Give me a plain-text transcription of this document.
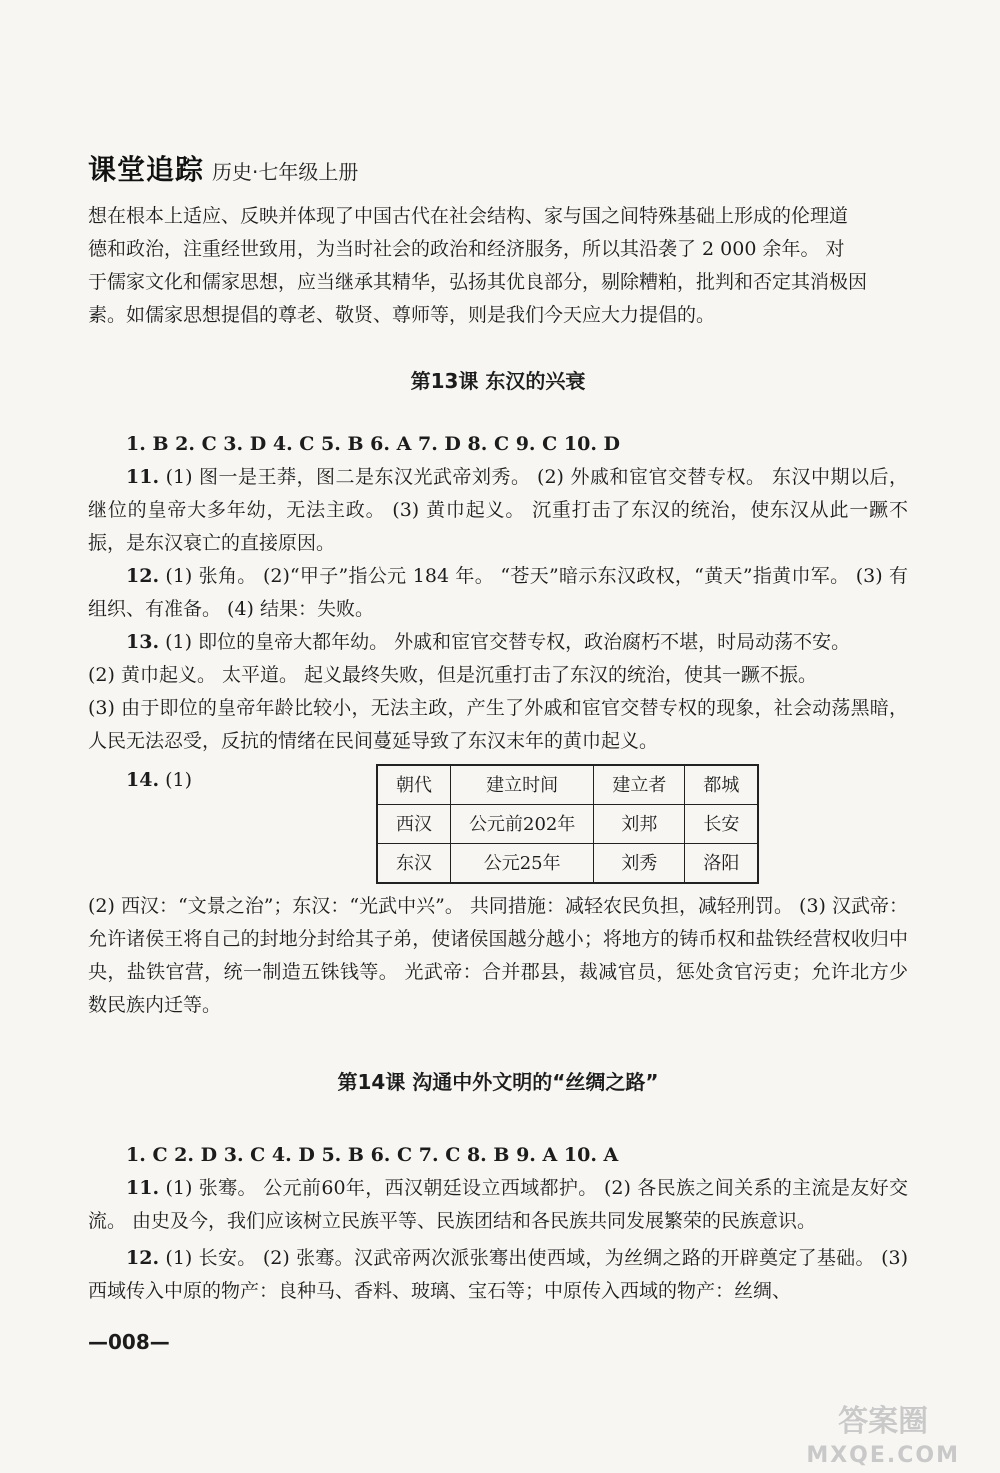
课堂追踪 历史·七年级上册

想在根本上适应、反映并体现了中国古代在社会结构、家与国之间特殊基础上形成的伦理道

德和政治，注重经世致用，为当时社会的政治和经济服务，所以其沿袭了 2 000 余年。 对

于儒家文化和儒家思想，应当继承其精华，弘扬其优良部分，剔除糟粕，批判和否定其消极因

素。如儒家思想提倡的尊老、敬贤、尊师等，则是我们今天应大力提倡的。

第13课 东汉的兴衰

1. B 2. C 3. D 4. C 5. B 6. A 7. D 8. C 9. C 10. D

11. (1) 图一是王莽，图二是东汉光武帝刘秀。 (2) 外戚和宦官交替专权。 东汉中期以后，继位的皇帝大多年幼，无法主政。 (3) 黄巾起义。 沉重打击了东汉的统治，使东汉从此一蹶不振，是东汉衰亡的直接原因。

12. (1) 张角。 (2)“甲子”指公元 184 年。 “苍天”暗示东汉政权，“黄天”指黄巾军。 (3) 有组织、有准备。 (4) 结果：失败。

13. (1) 即位的皇帝大都年幼。 外戚和宦官交替专权，政治腐朽不堪，时局动荡不安。

(2) 黄巾起义。 太平道。 起义最终失败，但是沉重打击了东汉的统治，使其一蹶不振。

(3) 由于即位的皇帝年龄比较小，无法主政，产生了外戚和宦官交替专权的现象，社会动荡黑暗，人民无法忍受，反抗的情绪在民间蔓延导致了东汉末年的黄巾起义。

14. (1)	朝代	建立时间	建立者	都城
西汉	公元前202年	刘邦	长安
东汉	公元25年	刘秀	洛阳

(2) 西汉：“文景之治”；东汉：“光武中兴”。 共同措施：减轻农民负担，减轻刑罚。 (3) 汉武帝：允许诸侯王将自己的封地分封给其子弟，使诸侯国越分越小；将地方的铸币权和盐铁经营权收归中央，盐铁官营，统一制造五铢钱等。 光武帝：合并郡县，裁减官员，惩处贪官污吏；允许北方少数民族内迁等。

第14课 沟通中外文明的“丝绸之路”

1. C 2. D 3. C 4. D 5. B 6. C 7. C 8. B 9. A 10. A

11. (1) 张骞。 公元前60年，西汉朝廷设立西域都护。 (2) 各民族之间关系的主流是友好交流。 由史及今，我们应该树立民族平等、民族团结和各民族共同发展繁荣的民族意识。

12. (1) 长安。 (2) 张骞。汉武帝两次派张骞出使西域，为丝绸之路的开辟奠定了基础。 (3) 西域传入中原的物产：良种马、香料、玻璃、宝石等；中原传入西域的物产：丝绸、

—008—
答案圈
MXQE.COM
